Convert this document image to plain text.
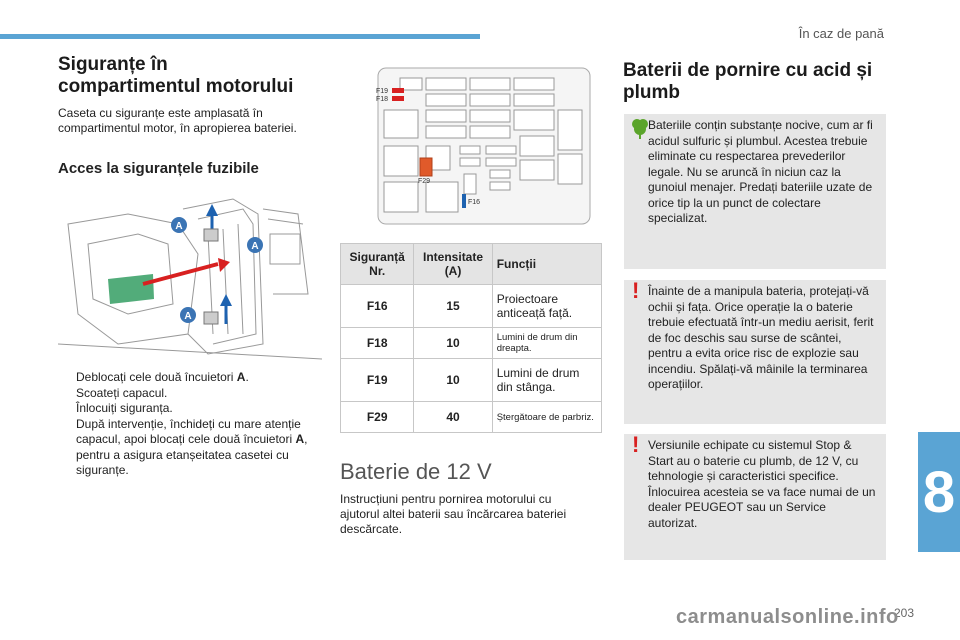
În caz de pană
8
203
carmanualsonline.info
Siguranțe în
compartimentul motorului

Caseta cu siguranțe este amplasată în compartimentul motor, în apropierea bateriei.

Acces la siguranțele fuzibile
A
A
A
Deblocați cele două încuietori A.
Scoateți capacul.
Înlocuiți siguranța.
După intervenție, închideți cu mare atenție capacul, apoi blocați cele două încuietori A, pentru a asigura etanșeitatea casetei cu siguranțe.
F19
F18
F29
F16
Siguranță Nr.	Intensitate (A)	Funcții
F16	15	Proiectoare anticeață față.
F18	10	Lumini de drum din dreapta.
F19	10	Lumini de drum din stânga.
F29	40	Ștergătoare de parbriz.
Baterie de 12 V

Instrucțiuni pentru pornirea motorului cu ajutorul altei baterii sau încărcarea bateriei descărcate.

Baterii de pornire cu acid și plumb

Bateriile conțin substanțe nocive, cum ar fi acidul sulfuric și plumbul. Acestea trebuie eliminate cu respectarea prevederilor legale. Nu se aruncă în niciun caz la gunoiul menajer. Predați bateriile uzate de orice tip la un punct de colectare specializat.

! Înainte de a manipula bateria, protejați-vă ochii și fața. Orice operație la o baterie trebuie efectuată într-un mediu aerisit, ferit de foc deschis sau surse de scântei, pentru a evita orice risc de explozie sau incendiu. Spălați-vă mâinile la terminarea operațiilor.

! Versiunile echipate cu sistemul Stop & Start au o baterie cu plumb, de 12 V, cu tehnologie și caracteristici specifice. Înlocuirea acesteia se va face numai de un dealer PEUGEOT sau un Service autorizat.
